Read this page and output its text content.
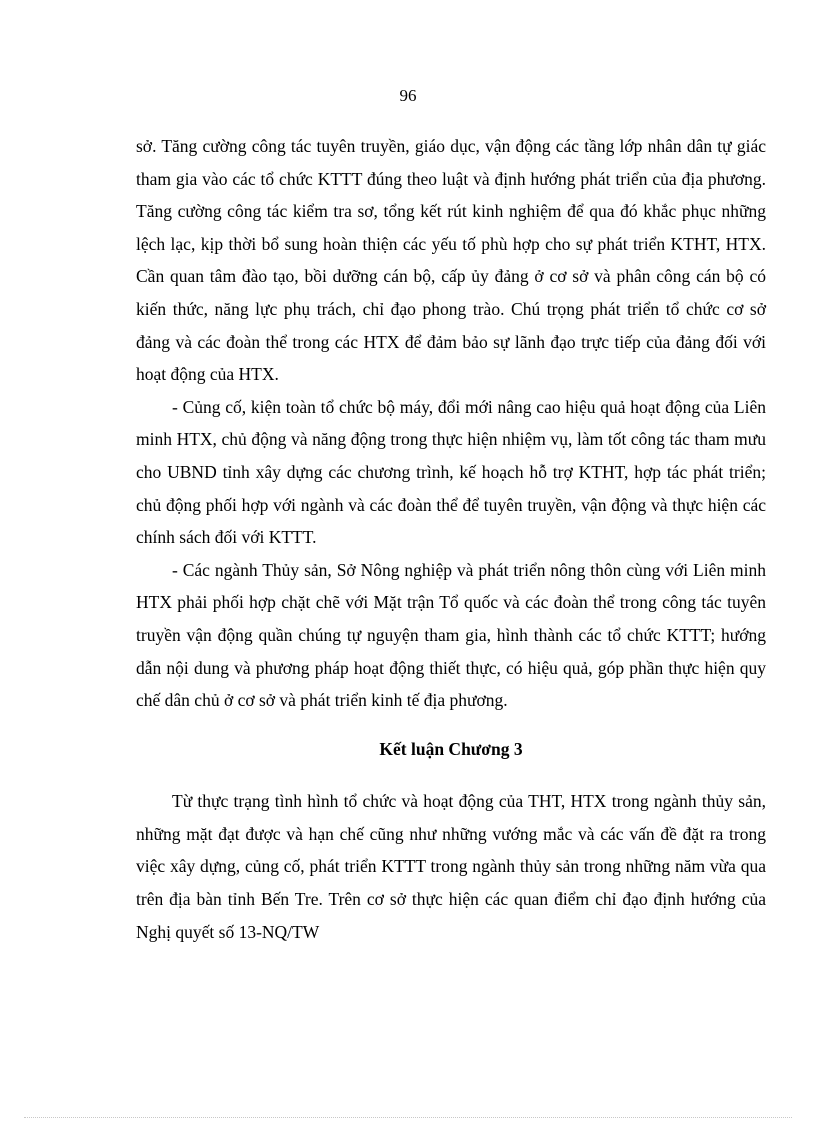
96

sở. Tăng cường công tác tuyên truyền, giáo dục, vận động các tầng lớp nhân dân tự giác tham gia vào các tổ chức KTTT đúng theo luật và định hướng phát triển của địa phương. Tăng cường công tác kiểm tra sơ, tổng kết rút kinh nghiệm để qua đó khắc phục những lệch lạc, kịp thời bổ sung hoàn thiện các yếu tố phù hợp cho sự phát triển KTHT, HTX. Cần quan tâm đào tạo, bồi dưỡng cán bộ, cấp ủy đảng ở cơ sở và phân công cán bộ có kiến thức, năng lực phụ trách, chỉ đạo phong trào. Chú trọng phát triển tổ chức cơ sở đảng và các đoàn thể trong các HTX để đảm bảo sự lãnh đạo trực tiếp của đảng đối với hoạt động của HTX.

- Củng cố, kiện toàn tổ chức bộ máy, đổi mới nâng cao hiệu quả hoạt động của Liên minh HTX, chủ động và năng động trong thực hiện nhiệm vụ, làm tốt công tác tham mưu cho UBND tỉnh xây dựng các chương trình, kế hoạch hỗ trợ KTHT, hợp tác phát triển; chủ động phối hợp với ngành và các đoàn thể để tuyên truyền, vận động và thực hiện các chính sách đối với KTTT.

- Các ngành Thủy sản, Sở Nông nghiệp và phát triển nông thôn cùng với Liên minh HTX phải phối hợp chặt chẽ với Mặt trận Tổ quốc và các đoàn thể trong công tác tuyên truyền vận động quần chúng tự nguyện tham gia, hình thành các tổ chức KTTT; hướng dẫn nội dung và phương pháp hoạt động thiết thực, có hiệu quả, góp phần thực hiện quy chế dân chủ ở cơ sở và phát triển kinh tế địa phương.

Kết luận Chương 3

Từ thực trạng tình hình tổ chức và hoạt động của THT, HTX trong ngành thủy sản, những mặt đạt được và hạn chế cũng như những vướng mắc và các vấn đề đặt ra trong việc xây dựng, củng cố, phát triển KTTT trong ngành thủy sản trong những năm vừa qua trên địa bàn tỉnh Bến Tre. Trên cơ sở thực hiện các quan điểm chỉ đạo định hướng của Nghị quyết số 13-NQ/TW
